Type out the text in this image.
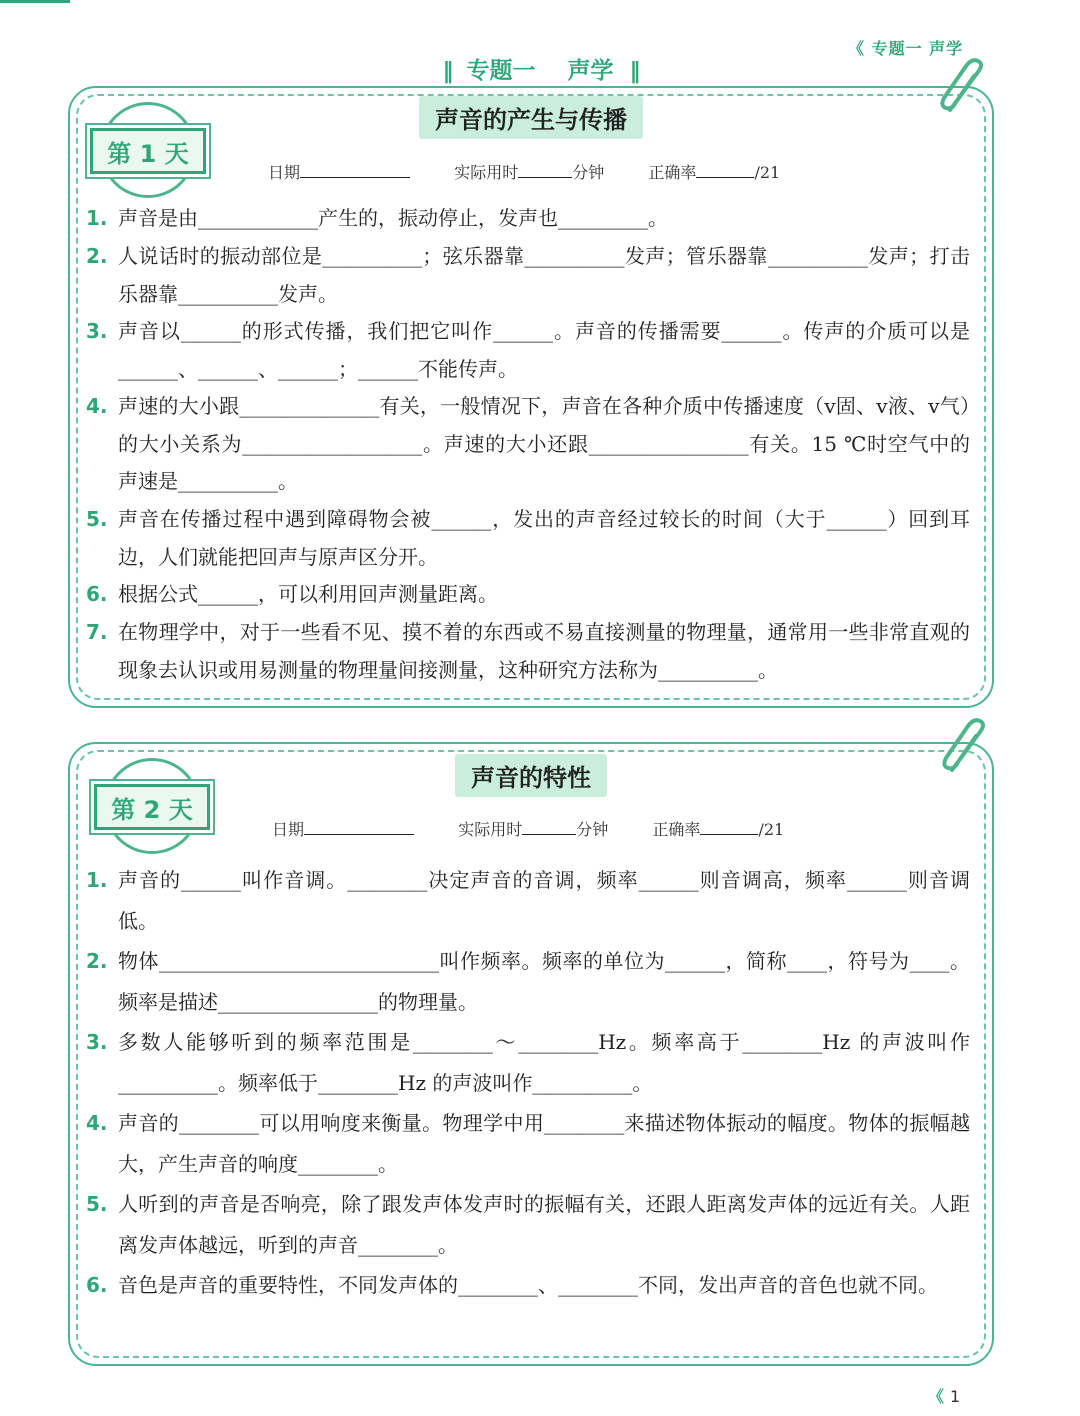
《 专题一 声学
‖ 专题一    声学 ‖
声音的产生与传播
第 1 天
日期	实际用时	分钟	正确率	/21
1. 声音是由____________产生的，振动停止，发声也_________。
2. 人说话时的振动部位是__________；弦乐器靠__________发声；管乐器靠__________发声；打击乐器靠__________发声。
3. 声音以______的形式传播，我们把它叫作______。声音的传播需要______。传声的介质可以是______、______、______；______不能传声。
4. 声速的大小跟______________有关，一般情况下，声音在各种介质中传播速度（v固、v液、v气）的大小关系为__________________。声速的大小还跟________________有关。15 ℃时空气中的声速是__________。
5. 声音在传播过程中遇到障碍物会被______，发出的声音经过较长的时间（大于______）回到耳边，人们就能把回声与原声区分开。
6. 根据公式______，可以利用回声测量距离。
7. 在物理学中，对于一些看不见、摸不着的东西或不易直接测量的物理量，通常用一些非常直观的现象去认识或用易测量的物理量间接测量，这种研究方法称为__________。
声音的特性
第 2 天
日期	实际用时	分钟	正确率	/21
1. 声音的______叫作音调。________决定声音的音调，频率______则音调高，频率______则音调低。
2. 物体____________________________叫作频率。频率的单位为______，简称____，符号为____。频率是描述________________的物理量。
3. 多数人能够听到的频率范围是________～________Hz。频率高于________Hz 的声波叫作__________。频率低于________Hz 的声波叫作__________。
4. 声音的________可以用响度来衡量。物理学中用________来描述物体振动的幅度。物体的振幅越大，产生声音的响度________。
5. 人听到的声音是否响亮，除了跟发声体发声时的振幅有关，还跟人距离发声体的远近有关。人距离发声体越远，听到的声音________。
6. 音色是声音的重要特性，不同发声体的________、________不同，发出声音的音色也就不同。
《 1
